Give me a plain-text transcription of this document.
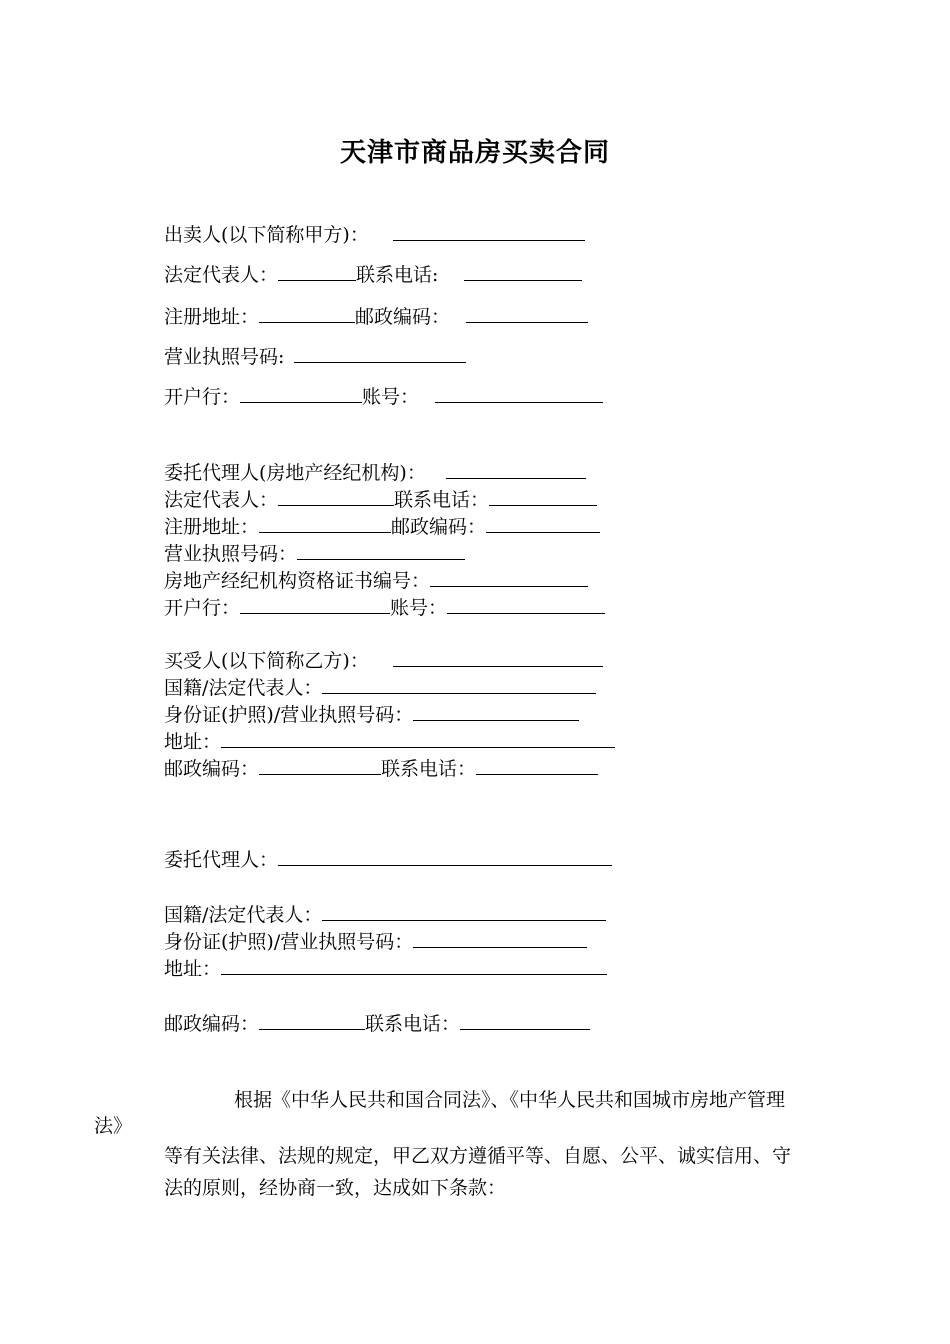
天津市商品房买卖合同
出卖人(以下简称甲方)：
法定代表人：	联系电话:
注册地址：	邮政编码：
营业执照号码:
开户行：	账号：
委托代理人(房地产经纪机构)：
法定代表人：	联系电话：
注册地址：	邮政编码：
营业执照号码：
房地产经纪机构资格证书编号：
开户行：	账号：
买受人(以下简称乙方)：
国籍/法定代表人：
身份证(护照)/营业执照号码：
地址：
邮政编码：	联系电话：
委托代理人：
国籍/法定代表人：
身份证(护照)/营业执照号码：
地址：
邮政编码：	联系电话：
根据《中华人民共和国合同法》、《中华人民共和国城市房地产管理
法》
等有关法律、法规的规定，甲乙双方遵循平等、自愿、公平、诚实信用、守
法的原则，经协商一致，达成如下条款：
